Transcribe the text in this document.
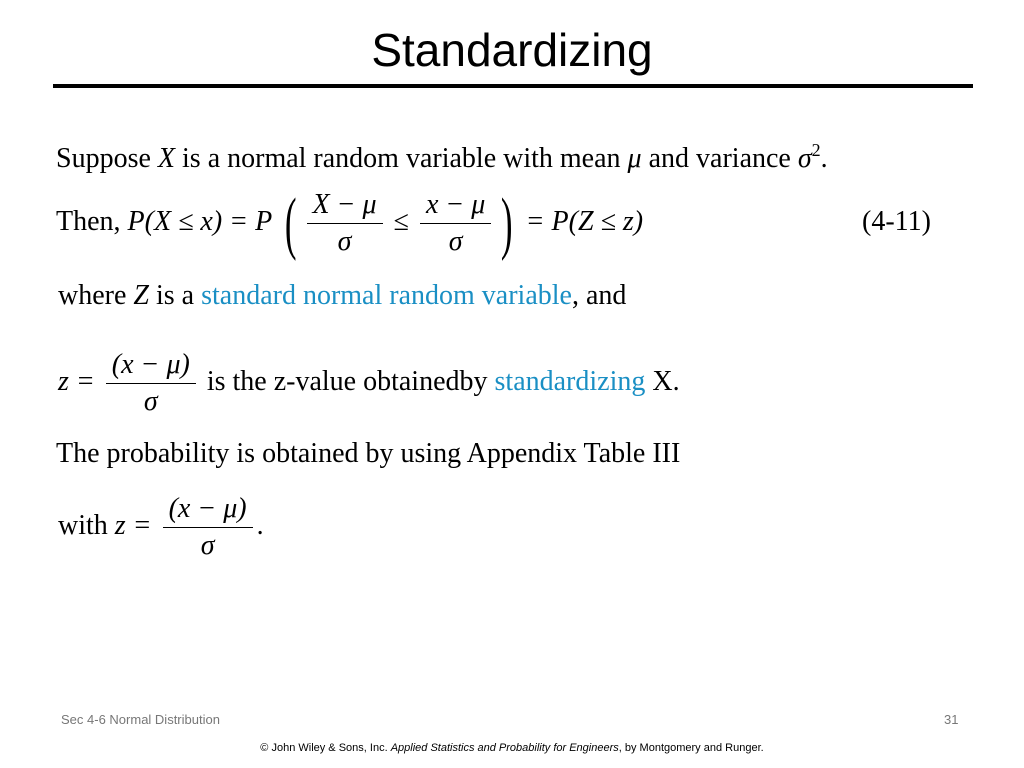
Standardizing
Suppose X is a normal random variable with mean μ and variance $\sigma^2$.
Then, P(X ≤ x) = P ( $\frac{X - \mu}{\sigma} \le \frac{x - \mu}{\sigma}$ ) = P(Z ≤ z)	(4-11)
where Z is a standard normal random variable, and
$z = \frac{(x - \mu)}{\sigma}$ is the z-value obtainedby standardizing X.
The probability is obtained by using Appendix Table III
with $z = \frac{(x - \mu)}{\sigma}$ .
Sec 4-6 Normal Distribution	31
© John Wiley & Sons, Inc. Applied Statistics and Probability for Engineers, by Montgomery and Runger.
